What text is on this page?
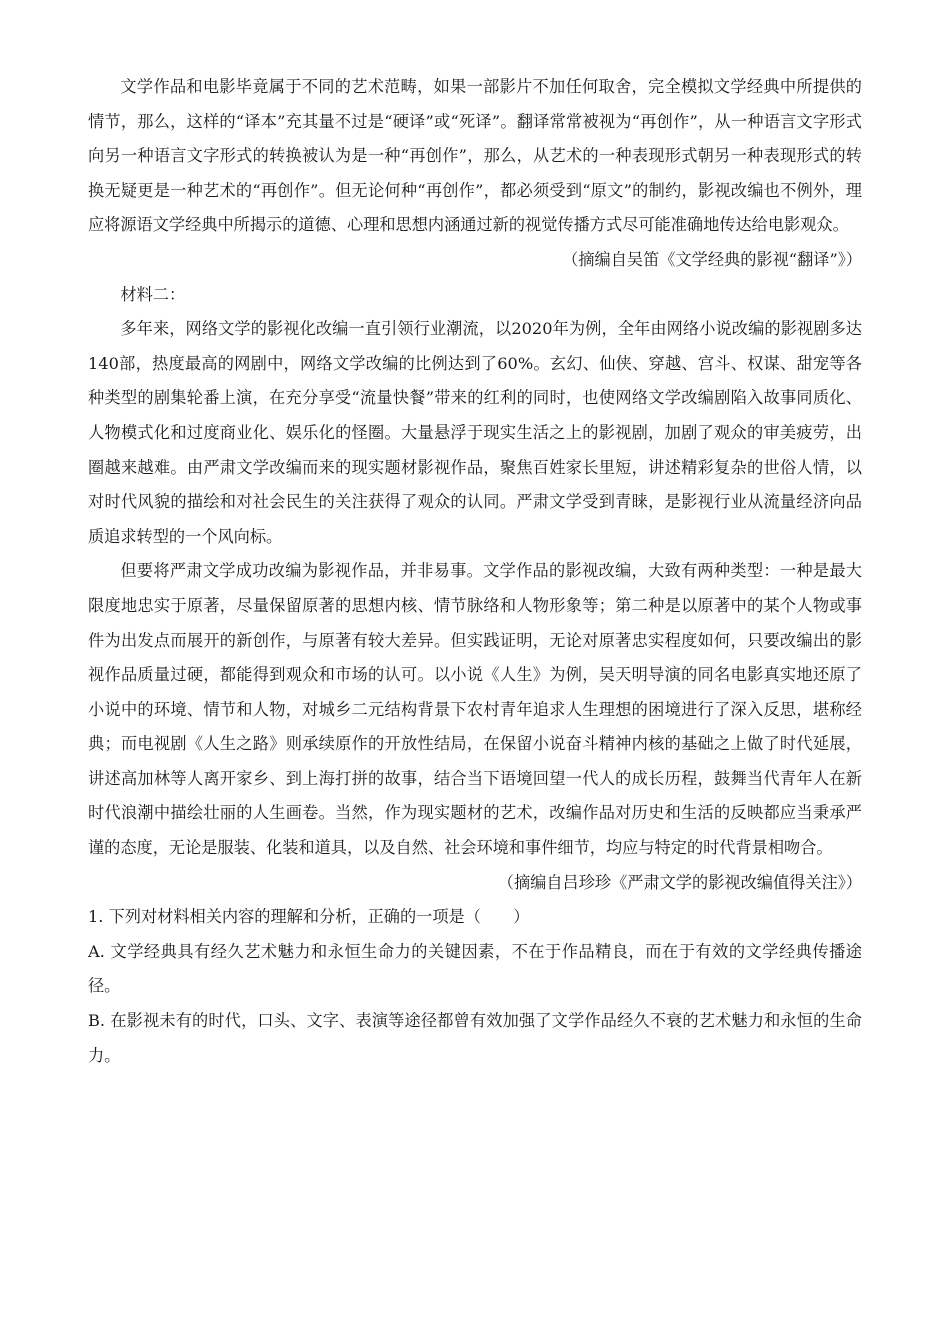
文学作品和电影毕竟属于不同的艺术范畴，如果一部影片不加任何取舍，完全模拟文学经典中所提供的情节，那么，这样的“译本”充其量不过是“硬译”或“死译”。翻译常常被视为“再创作”，从一种语言文字形式向另一种语言文字形式的转换被认为是一种“再创作”，那么，从艺术的一种表现形式朝另一种表现形式的转换无疑更是一种艺术的“再创作”。但无论何种“再创作”，都必须受到“原文”的制约，影视改编也不例外，理应将源语文学经典中所揭示的道德、心理和思想内涵通过新的视觉传播方式尽可能准确地传达给电影观众。

（摘编自吴笛《文学经典的影视“翻译”》）

材料二：

多年来，网络文学的影视化改编一直引领行业潮流，以2020年为例，全年由网络小说改编的影视剧多达140部，热度最高的网剧中，网络文学改编的比例达到了60%。玄幻、仙侠、穿越、宫斗、权谋、甜宠等各种类型的剧集轮番上演，在充分享受“流量快餐”带来的红利的同时，也使网络文学改编剧陷入故事同质化、人物模式化和过度商业化、娱乐化的怪圈。大量悬浮于现实生活之上的影视剧，加剧了观众的审美疲劳，出圈越来越难。由严肃文学改编而来的现实题材影视作品，聚焦百姓家长里短，讲述精彩复杂的世俗人情，以对时代风貌的描绘和对社会民生的关注获得了观众的认同。严肃文学受到青睐，是影视行业从流量经济向品质追求转型的一个风向标。

但要将严肃文学成功改编为影视作品，并非易事。文学作品的影视改编，大致有两种类型：一种是最大限度地忠实于原著，尽量保留原著的思想内核、情节脉络和人物形象等；第二种是以原著中的某个人物或事件为出发点而展开的新创作，与原著有较大差异。但实践证明，无论对原著忠实程度如何，只要改编出的影视作品质量过硬，都能得到观众和市场的认可。以小说《人生》为例，吴天明导演的同名电影真实地还原了小说中的环境、情节和人物，对城乡二元结构背景下农村青年追求人生理想的困境进行了深入反思，堪称经典；而电视剧《人生之路》则承续原作的开放性结局，在保留小说奋斗精神内核的基础之上做了时代延展，讲述高加林等人离开家乡、到上海打拼的故事，结合当下语境回望一代人的成长历程，鼓舞当代青年人在新时代浪潮中描绘壮丽的人生画卷。当然，作为现实题材的艺术，改编作品对历史和生活的反映都应当秉承严谨的态度，无论是服装、化装和道具，以及自然、社会环境和事件细节，均应与特定的时代背景相吻合。

（摘编自吕珍珍《严肃文学的影视改编值得关注》）

1. 下列对材料相关内容的理解和分析，正确的一项是（　　）

A. 文学经典具有经久艺术魅力和永恒生命力的关键因素，不在于作品精良，而在于有效的文学经典传播途径。

B. 在影视未有的时代，口头、文字、表演等途径都曾有效加强了文学作品经久不衰的艺术魅力和永恒的生命力。
